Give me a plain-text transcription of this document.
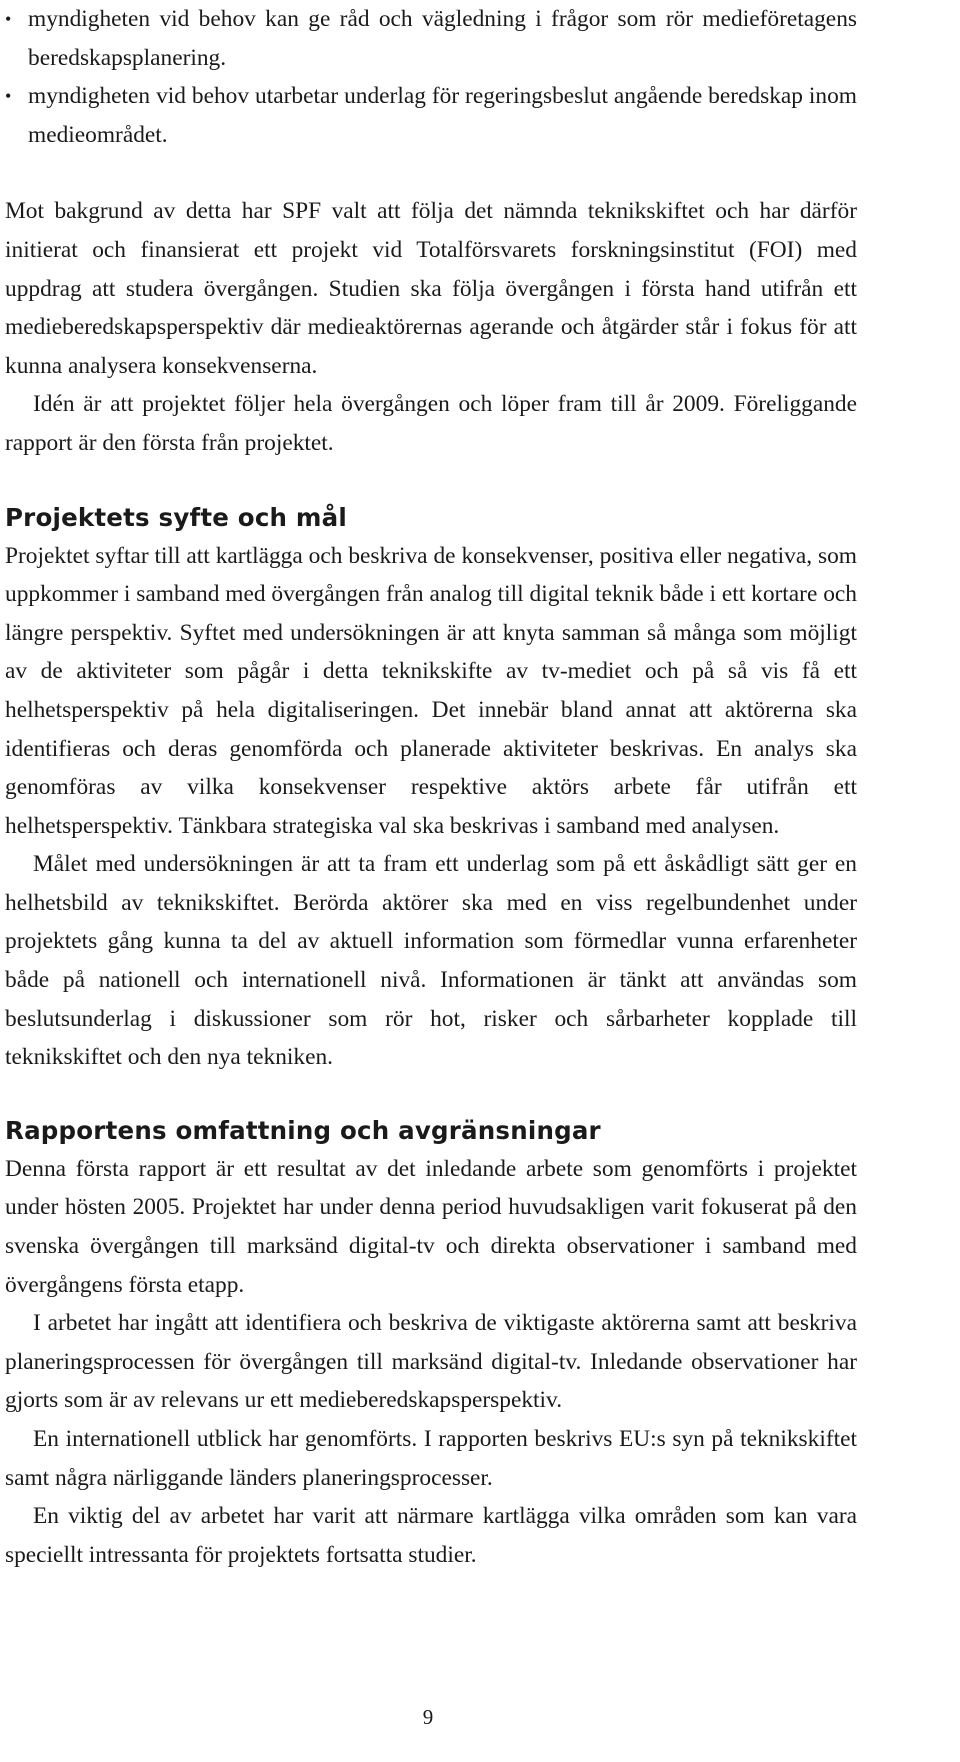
• myndigheten vid behov kan ge råd och vägledning i frågor som rör medieföretagens beredskapsplanering.
• myndigheten vid behov utarbetar underlag för regeringsbeslut angående beredskap inom medieområdet.

Mot bakgrund av detta har SPF valt att följa det nämnda teknikskiftet och har därför initierat och finansierat ett projekt vid Totalförsvarets forskningsinstitut (FOI) med uppdrag att studera övergången. Studien ska följa övergången i första hand utifrån ett medieberedskapsperspektiv där medieaktörernas agerande och åtgärder står i fokus för att kunna analysera konsekvenserna.

Idén är att projektet följer hela övergången och löper fram till år 2009. Föreliggande rapport är den första från projektet.

Projektets syfte och mål

Projektet syftar till att kartlägga och beskriva de konsekvenser, positiva eller negativa, som uppkommer i samband med övergången från analog till digital teknik både i ett kortare och längre perspektiv. Syftet med undersökningen är att knyta samman så många som möjligt av de aktiviteter som pågår i detta teknikskifte av tv-mediet och på så vis få ett helhetsperspektiv på hela digitaliseringen. Det innebär bland annat att aktörerna ska identifieras och deras genomförda och planerade aktiviteter beskrivas. En analys ska genomföras av vilka konsekvenser respektive aktörs arbete får utifrån ett helhetsperspektiv. Tänkbara strategiska val ska beskrivas i samband med analysen.

Målet med undersökningen är att ta fram ett underlag som på ett åskådligt sätt ger en helhetsbild av teknikskiftet. Berörda aktörer ska med en viss regelbundenhet under projektets gång kunna ta del av aktuell information som förmedlar vunna erfarenheter både på nationell och internationell nivå. Informationen är tänkt att användas som beslutsunderlag i diskussioner som rör hot, risker och sårbarheter kopplade till teknikskiftet och den nya tekniken.

Rapportens omfattning och avgränsningar

Denna första rapport är ett resultat av det inledande arbete som genomförts i projektet under hösten 2005. Projektet har under denna period huvudsakligen varit fokuserat på den svenska övergången till marksänd digital-tv och direkta observationer i samband med övergångens första etapp.

I arbetet har ingått att identifiera och beskriva de viktigaste aktörerna samt att beskriva planeringsprocessen för övergången till marksänd digital-tv. Inledande observationer har gjorts som är av relevans ur ett medieberedskapsperspektiv.

En internationell utblick har genomförts. I rapporten beskrivs EU:s syn på teknikskiftet samt några närliggande länders planeringsprocesser.

En viktig del av arbetet har varit att närmare kartlägga vilka områden som kan vara speciellt intressanta för projektets fortsatta studier.

9
